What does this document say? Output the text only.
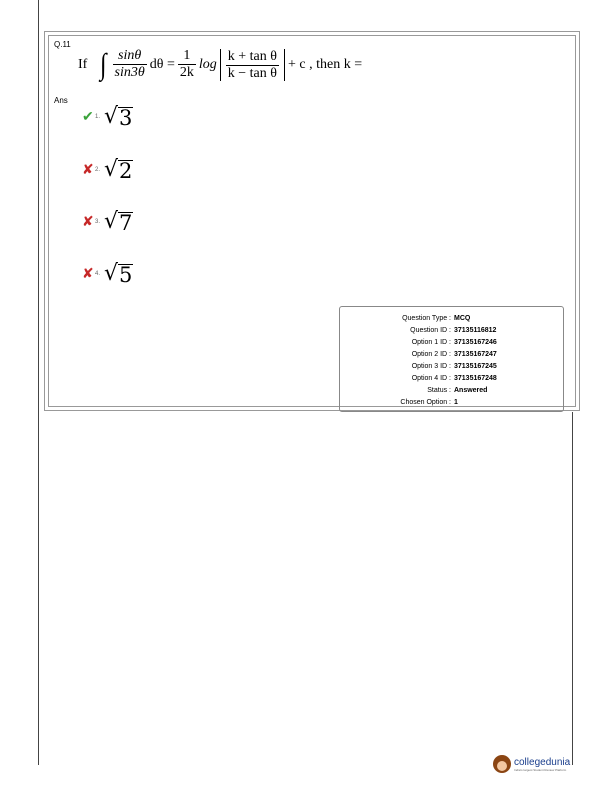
Q.11
If ∫ $\frac{\sin\theta}{\sin 3\theta}$ $d\theta = \frac{1}{2k}$ $\log \frac{\text{k + tan θ}}{\text{k − tan θ}} + c$ , then k =
Ans
✔ 1. √ 3
✘ 2. √ 2
✘ 3. √ 7
✘ 4. √ 5
Question Type : MCQ
Question ID : 37135116812
Option 1 ID : 37135167246
Option 2 ID : 37135167247
Option 3 ID : 37135167245
Option 4 ID : 37135167248
Status : Answered
Chosen Option : 1
collegedunia
India's largest Student Review Platform
